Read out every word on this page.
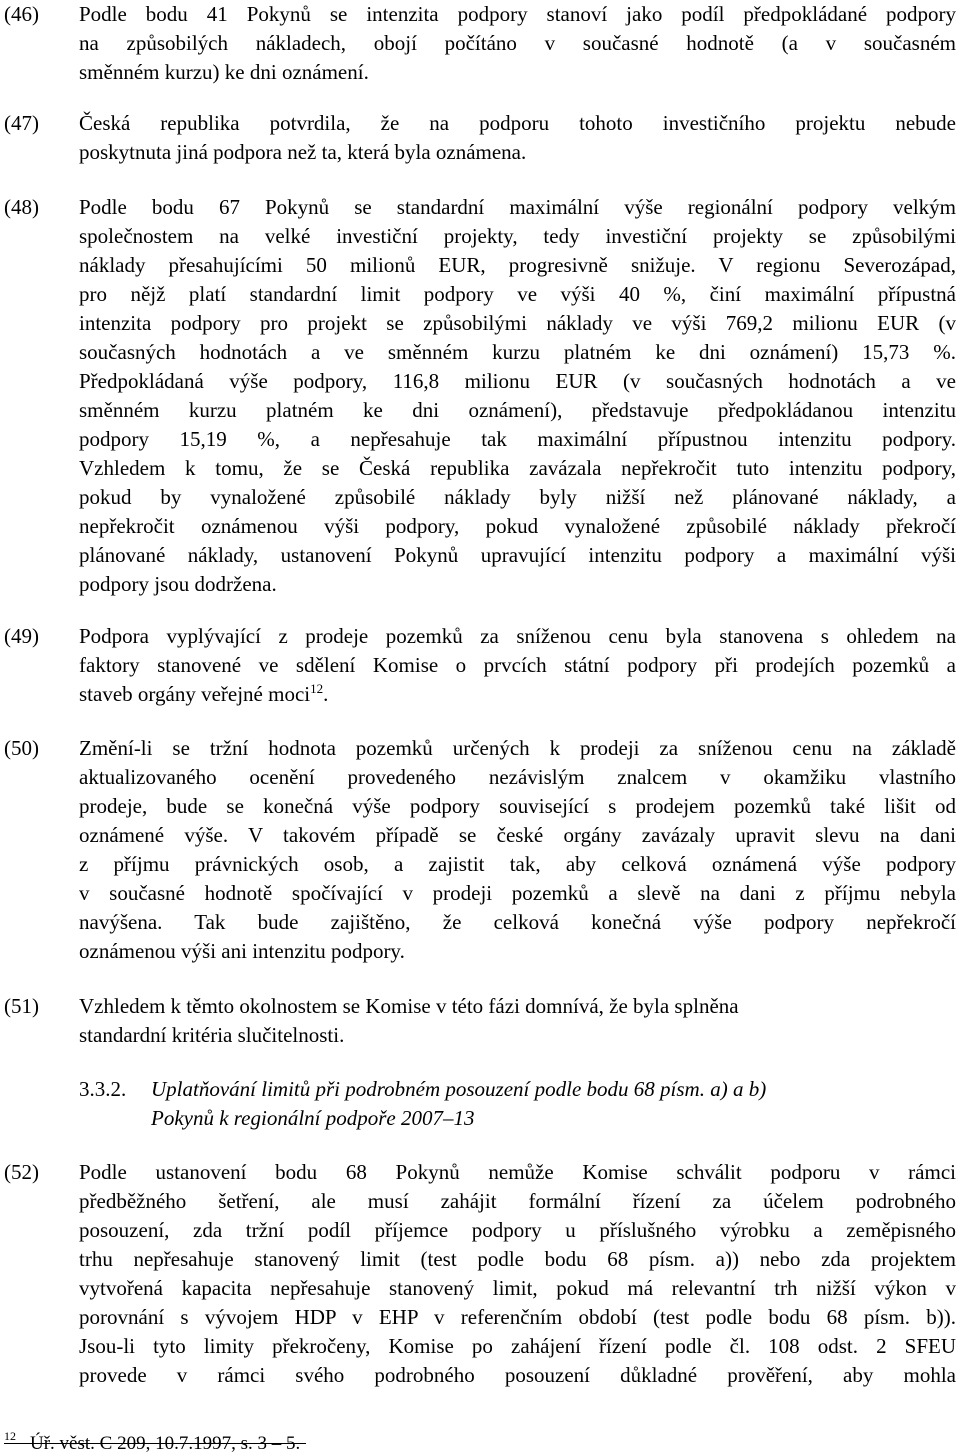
(46) Podle bodu 41 Pokynů se intenzita podpory stanoví jako podíl předpokládané podpory
na způsobilých nákladech, obojí počítáno v současné hodnotě (a v současném
směnném kurzu) ke dni oznámení.
(47) Česká republika potvrdila, že na podporu tohoto investičního projektu nebude
poskytnuta jiná podpora než ta, která byla oznámena.
(48) Podle bodu 67 Pokynů se standardní maximální výše regionální podpory velkým
společnostem na velké investiční projekty, tedy investiční projekty se způsobilými
náklady přesahujícími 50 milionů EUR, progresivně snižuje. V regionu Severozápad,
pro nějž platí standardní limit podpory ve výši 40 %, činí maximální přípustná
intenzita podpory pro projekt se způsobilými náklady ve výši 769,2 milionu EUR (v
současných hodnotách a ve směnném kurzu platném ke dni oznámení) 15,73 %.
Předpokládaná výše podpory, 116,8 milionu EUR (v současných hodnotách a ve
směnném kurzu platném ke dni oznámení), představuje předpokládanou intenzitu
podpory 15,19 %, a nepřesahuje tak maximální přípustnou intenzitu podpory.
Vzhledem k tomu, že se Česká republika zavázala nepřekročit tuto intenzitu podpory,
pokud by vynaložené způsobilé náklady byly nižší než plánované náklady, a
nepřekročit oznámenou výši podpory, pokud vynaložené způsobilé náklady překročí
plánované náklady, ustanovení Pokynů upravující intenzitu podpory a maximální výši
podpory jsou dodržena.
(49) Podpora vyplývající z prodeje pozemků za sníženou cenu byla stanovena s ohledem na
faktory stanovené ve sdělení Komise o prvcích státní podpory při prodejích pozemků a
staveb orgány veřejné moci$^{12}$.
(50) Změní-li se tržní hodnota pozemků určených k prodeji za sníženou cenu na základě
aktualizovaného ocenění provedeného nezávislým znalcem v okamžiku vlastního
prodeje, bude se konečná výše podpory související s prodejem pozemků také lišit od
oznámené výše. V takovém případě se české orgány zavázaly upravit slevu na dani
z příjmu právnických osob, a zajistit tak, aby celková oznámená výše podpory
v současné hodnotě spočívající v prodeji pozemků a slevě na dani z příjmu nebyla
navýšena. Tak bude zajištěno, že celková konečná výše podpory nepřekročí
oznámenou výši ani intenzitu podpory.
(51) Vzhledem k těmto okolnostem se Komise v této fázi domnívá, že byla splněna
standardní kritéria slučitelnosti.
3.3.2. Uplatňování limitů při podrobném posouzení podle bodu 68 písm. a) a b)
Pokynů k regionální podpoře 2007–13
(52) Podle ustanovení bodu 68 Pokynů nemůže Komise schválit podporu v rámci
předběžného šetření, ale musí zahájit formální řízení za účelem podrobného
posouzení, zda tržní podíl příjemce podpory u příslušného výrobku a zeměpisného
trhu nepřesahuje stanovený limit (test podle bodu 68 písm. a)) nebo zda projektem
vytvořená kapacita nepřesahuje stanovený limit, pokud má relevantní trh nižší výkon v
porovnání s vývojem HDP v EHP v referenčním období (test podle bodu 68 písm. b)).
Jsou-li tyto limity překročeny, Komise po zahájení řízení podle čl. 108 odst. 2 SFEU
provede v rámci svého podrobného posouzení důkladné prověření, aby mohla
$^{12}$ Úř. věst. C 209, 10.7.1997, s. 3 – 5.
